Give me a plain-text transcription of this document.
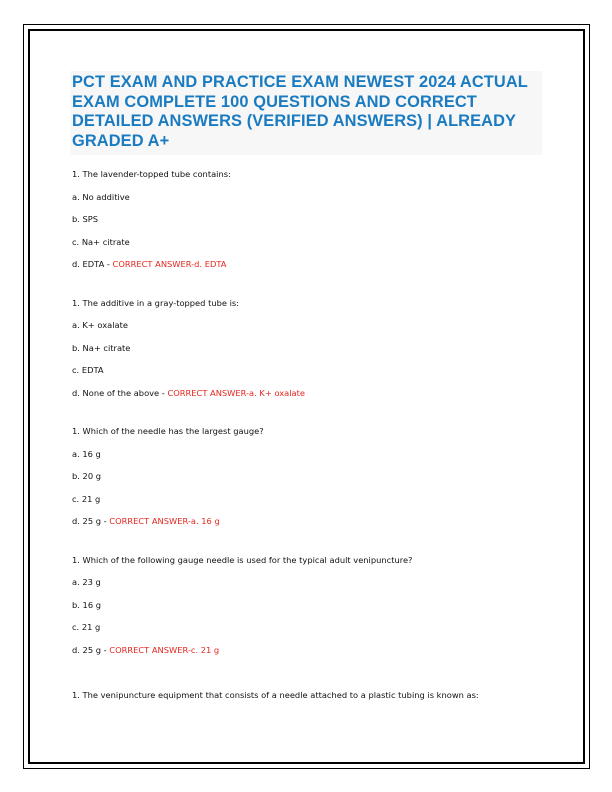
PCT EXAM AND PRACTICE EXAM NEWEST 2024 ACTUAL EXAM COMPLETE 100 QUESTIONS AND CORRECT DETAILED ANSWERS (VERIFIED ANSWERS) | ALREADY GRADED A+
1. The lavender-topped tube contains:
a. No additive
b. SPS
c. Na+ citrate
d. EDTA - CORRECT ANSWER-d. EDTA
1. The additive in a gray-topped tube is:
a. K+ oxalate
b. Na+ citrate
c. EDTA
d. None of the above - CORRECT ANSWER-a. K+ oxalate
1. Which of the needle has the largest gauge?
a. 16 g
b. 20 g
c. 21 g
d. 25 g - CORRECT ANSWER-a. 16 g
1. Which of the following gauge needle is used for the typical adult venipuncture?
a. 23 g
b. 16 g
c. 21 g
d. 25 g - CORRECT ANSWER-c. 21 g
1. The venipuncture equipment that consists of a needle attached to a plastic tubing is known as:
